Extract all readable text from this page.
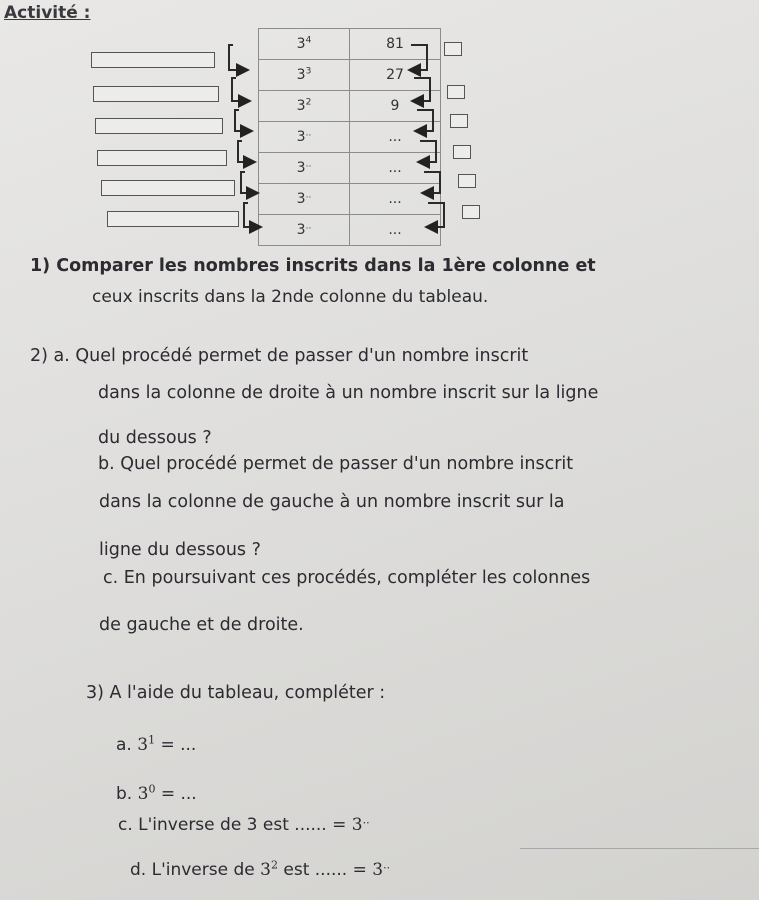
Activité :
$3^4$	81
$3^3$	27
$3^2$	9
3..	...
3..	...
3..	...
3..	...
1) Comparer les nombres inscrits dans la 1ère colonne et
ceux inscrits dans la 2nde colonne du tableau.
2) a. Quel procédé permet de passer d'un nombre inscrit
dans la colonne de droite à un nombre inscrit sur la ligne
du dessous ?
b. Quel procédé permet de passer d'un nombre inscrit
dans la colonne de gauche à un nombre inscrit sur la
ligne du dessous ?
c. En poursuivant ces procédés, compléter les colonnes
de gauche et de droite.
3) A l'aide du tableau, compléter :
a. $3^1$ = ...
b. $3^0$ = ...
c. L'inverse de 3 est ...... = 3..
d. L'inverse de $3^2$ est ...... = 3..
